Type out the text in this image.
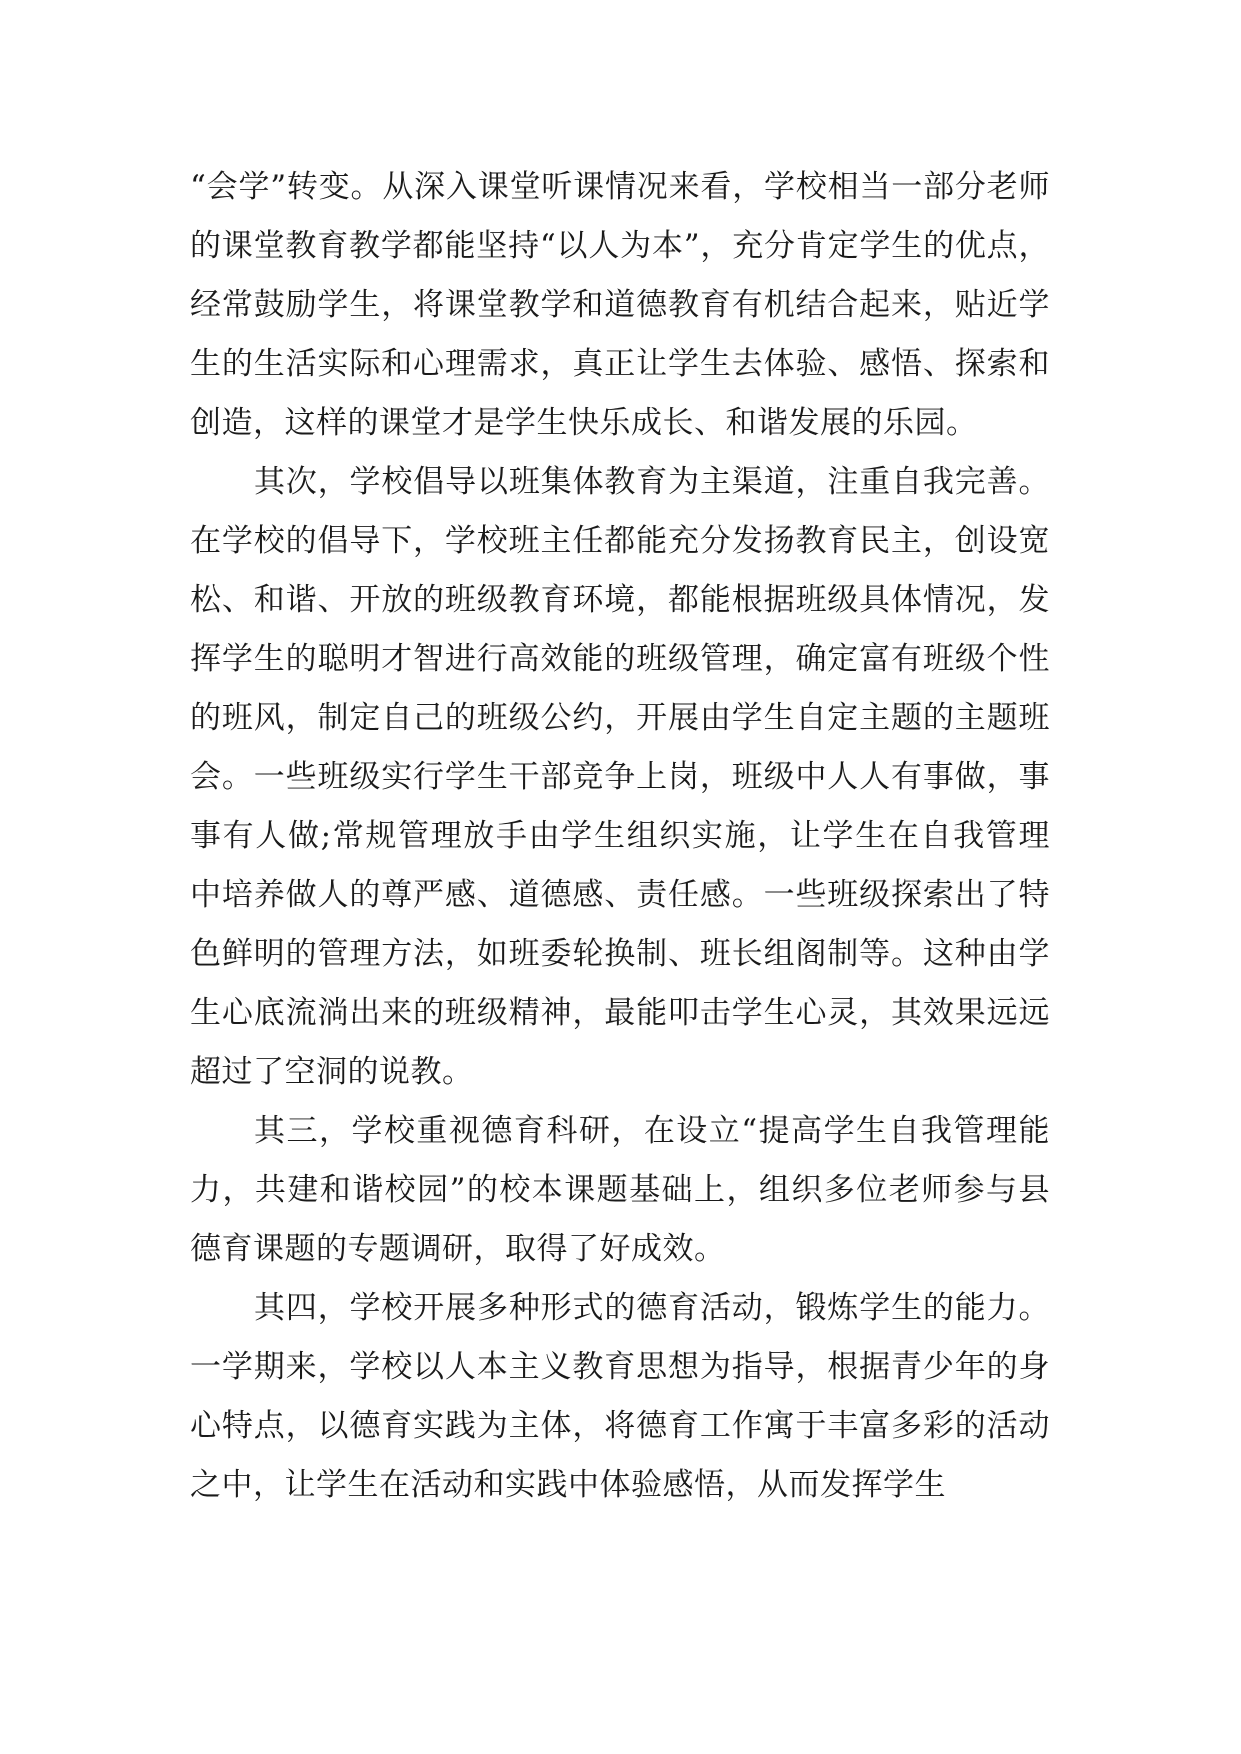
“会学”转变。从深入课堂听课情况来看，学校相当一部分老师的课堂教育教学都能坚持“以人为本”，充分肯定学生的优点，经常鼓励学生，将课堂教学和道德教育有机结合起来，贴近学生的生活实际和心理需求，真正让学生去体验、感悟、探索和创造，这样的课堂才是学生快乐成长、和谐发展的乐园。

其次，学校倡导以班集体教育为主渠道，注重自我完善。在学校的倡导下，学校班主任都能充分发扬教育民主，创设宽松、和谐、开放的班级教育环境，都能根据班级具体情况，发挥学生的聪明才智进行高效能的班级管理，确定富有班级个性的班风，制定自己的班级公约，开展由学生自定主题的主题班会。一些班级实行学生干部竞争上岗，班级中人人有事做，事事有人做;常规管理放手由学生组织实施，让学生在自我管理中培养做人的尊严感、道德感、责任感。一些班级探索出了特色鲜明的管理方法，如班委轮换制、班长组阁制等。这种由学生心底流淌出来的班级精神，最能叩击学生心灵，其效果远远超过了空洞的说教。

其三，学校重视德育科研，在设立“提高学生自我管理能力，共建和谐校园”的校本课题基础上，组织多位老师参与县德育课题的专题调研，取得了好成效。

其四，学校开展多种形式的德育活动，锻炼学生的能力。一学期来，学校以人本主义教育思想为指导，根据青少年的身心特点，以德育实践为主体，将德育工作寓于丰富多彩的活动之中，让学生在活动和实践中体验感悟，从而发挥学生
